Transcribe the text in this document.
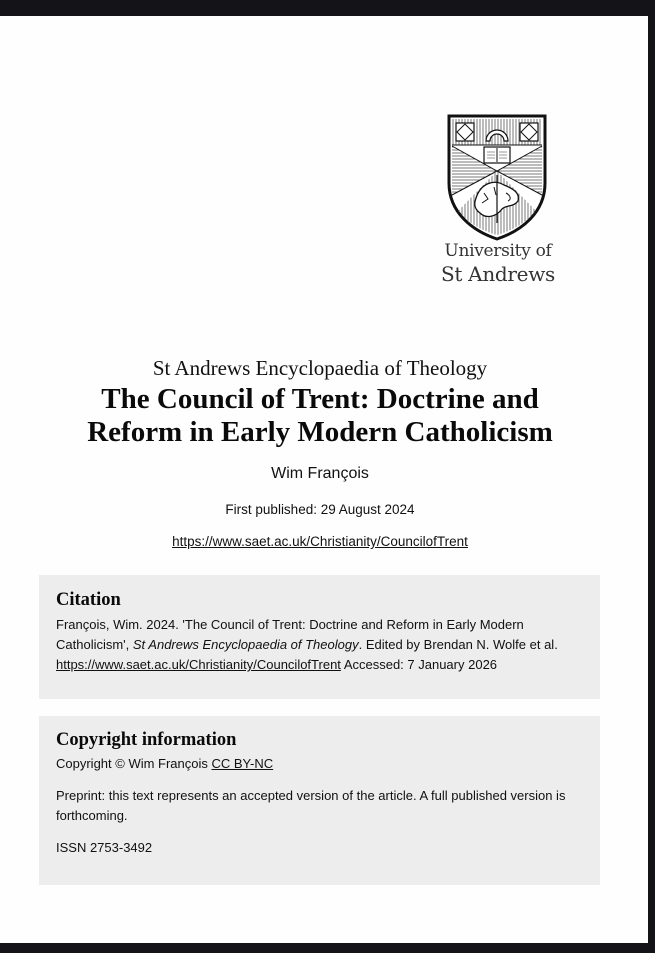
University of
St Andrews
St Andrews Encyclopaedia of Theology
The Council of Trent: Doctrine and
Reform in Early Modern Catholicism
Wim François
First published: 29 August 2024
https://www.saet.ac.uk/Christianity/CouncilofTrent
Citation

François, Wim. 2024. 'The Council of Trent: Doctrine and Reform in Early Modern Catholicism', St Andrews Encyclopaedia of Theology. Edited by Brendan N. Wolfe et al. https://www.saet.ac.uk/Christianity/CouncilofTrent Accessed: 7 January 2026

Copyright information

Copyright © Wim François CC BY-NC

Preprint: this text represents an accepted version of the article. A full published version is forthcoming.

ISSN 2753-3492
